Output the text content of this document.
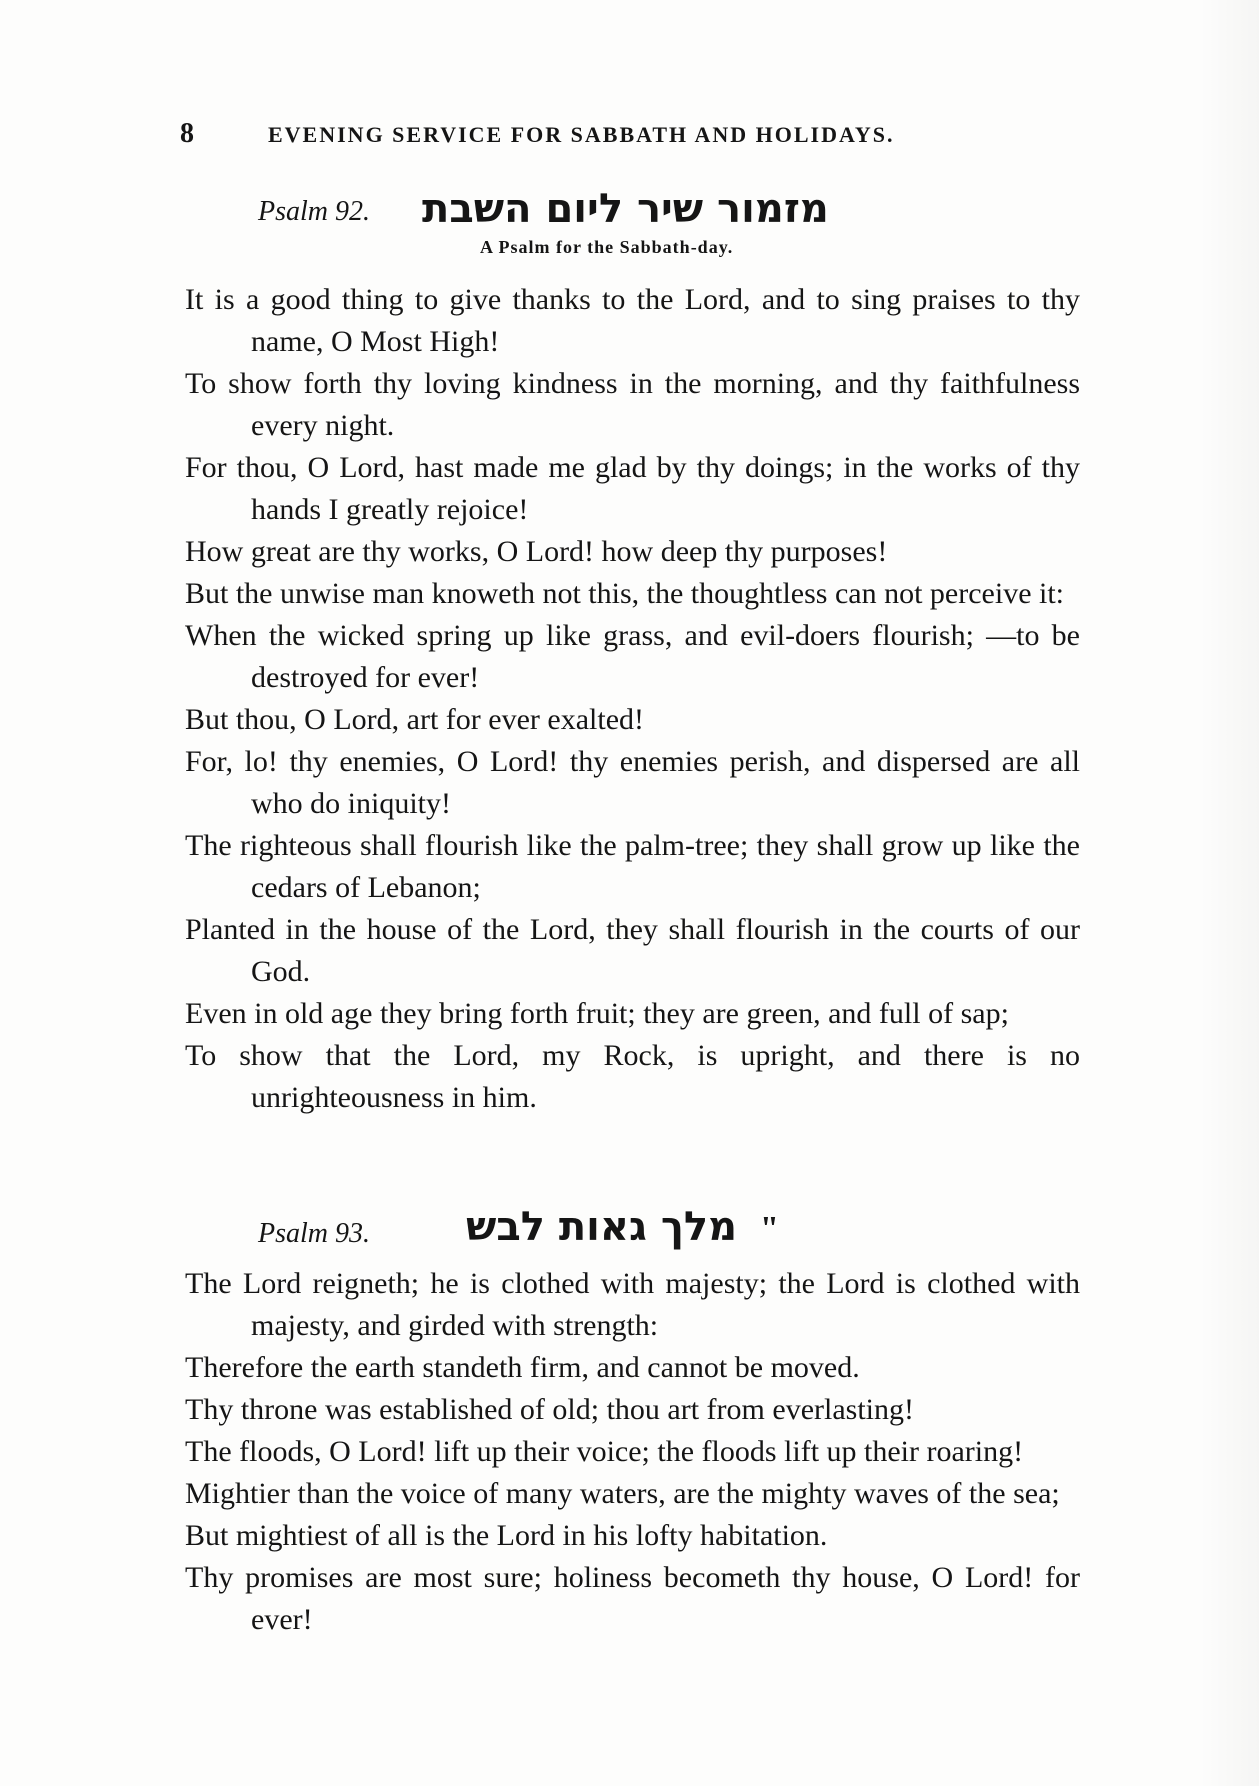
8	EVENING SERVICE FOR SABBATH AND HOLIDAYS.
Psalm 92. מזמור שיר ליום השבת
A Psalm for the Sabbath-day.
It is a good thing to give thanks to the Lord, and to sing praises to thy name, O Most High!
To show forth thy loving kindness in the morning, and thy faithfulness every night.
For thou, O Lord, hast made me glad by thy doings; in the works of thy hands I greatly rejoice!
How great are thy works, O Lord! how deep thy purposes!
But the unwise man knoweth not this, the thoughtless can not perceive it:
When the wicked spring up like grass, and evil-doers flourish; —to be destroyed for ever!
But thou, O Lord, art for ever exalted!
For, lo! thy enemies, O Lord! thy enemies perish, and dispersed are all who do iniquity!
The righteous shall flourish like the palm-tree; they shall grow up like the cedars of Lebanon;
Planted in the house of the Lord, they shall flourish in the courts of our God.
Even in old age they bring forth fruit; they are green, and full of sap;
To show that the Lord, my Rock, is upright, and there is no unrighteousness in him.
Psalm 93. מלך גאות לבש "
The Lord reigneth; he is clothed with majesty; the Lord is clothed with majesty, and girded with strength:
Therefore the earth standeth firm, and cannot be moved.
Thy throne was established of old; thou art from everlasting!
The floods, O Lord! lift up their voice; the floods lift up their roaring!
Mightier than the voice of many waters, are the mighty waves of the sea;
But mightiest of all is the Lord in his lofty habitation.
Thy promises are most sure; holiness becometh thy house, O Lord! for ever!
